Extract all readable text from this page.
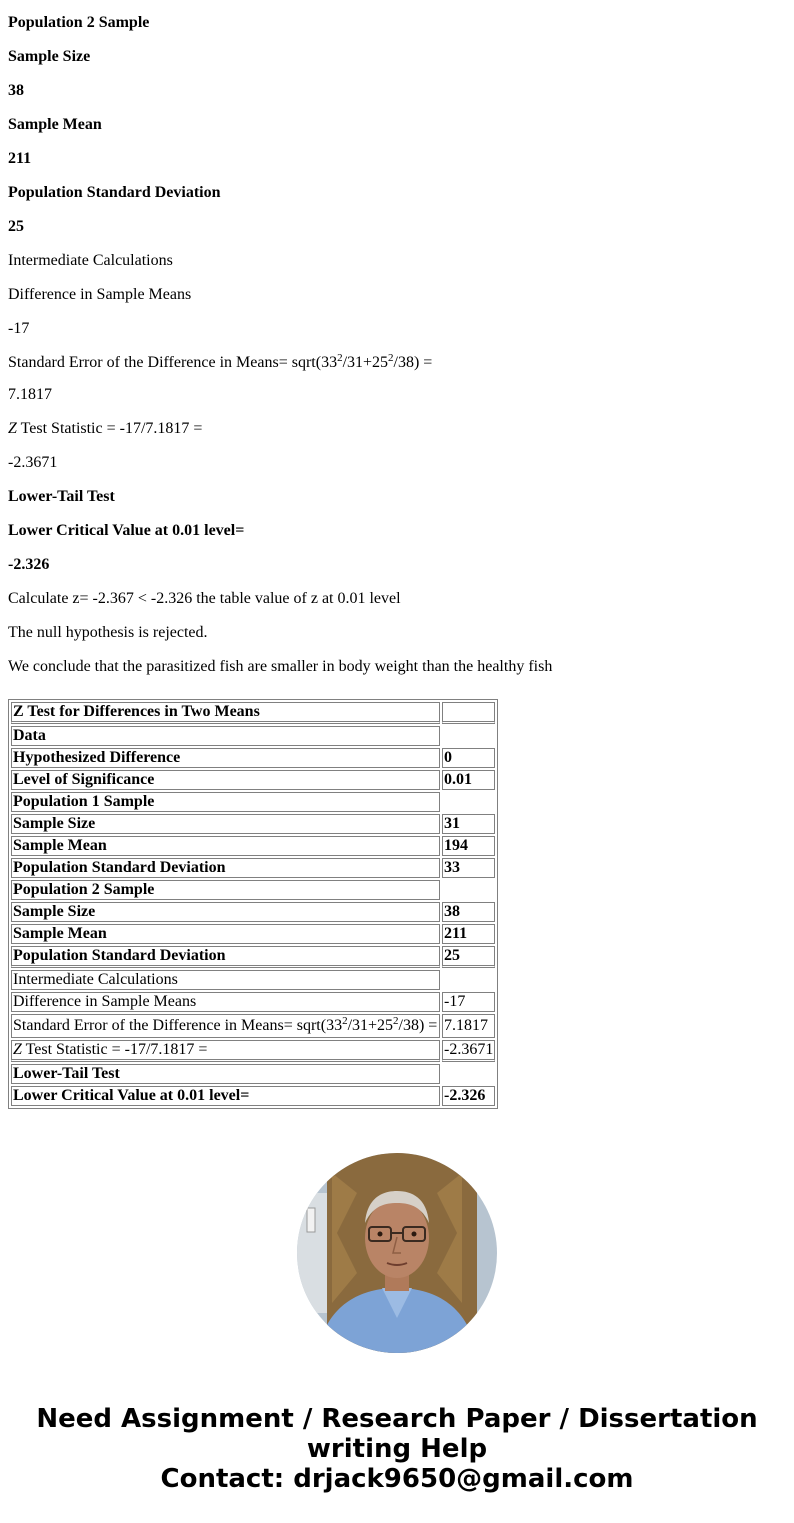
Population 2 Sample

Sample Size

38

Sample Mean

211

Population Standard Deviation

25

Intermediate Calculations

Difference in Sample Means

-17

Standard Error of the Difference in Means= $sqrt(33^2/31+25^2/38)$ =

7.1817

Z Test Statistic = -17/7.1817 =

-2.3671

Lower-Tail Test

Lower Critical Value at 0.01 level=

-2.326

Calculate z= -2.367 < -2.326 the table value of z at 0.01 level

The null hypothesis is rejected.

We conclude that the parasitized fish are smaller in body weight than the healthy fish

Z Test for Differences in Two Means	
Data	
Hypothesized Difference	0
Level of Significance	0.01
Population 1 Sample	
Sample Size	31
Sample Mean	194
Population Standard Deviation	33
Population 2 Sample	
Sample Size	38
Sample Mean	211
Population Standard Deviation	25
Intermediate Calculations	
Difference in Sample Means	-17
Standard Error of the Difference in Means= $sqrt(33^2/31+25^2/38)$ =	7.1817
Z Test Statistic = -17/7.1817 =	-2.3671
Lower-Tail Test	
Lower Critical Value at 0.01 level=	-2.326
Need Assignment / Research Paper / Dissertation
writing Help
Contact: drjack9650@gmail.com
